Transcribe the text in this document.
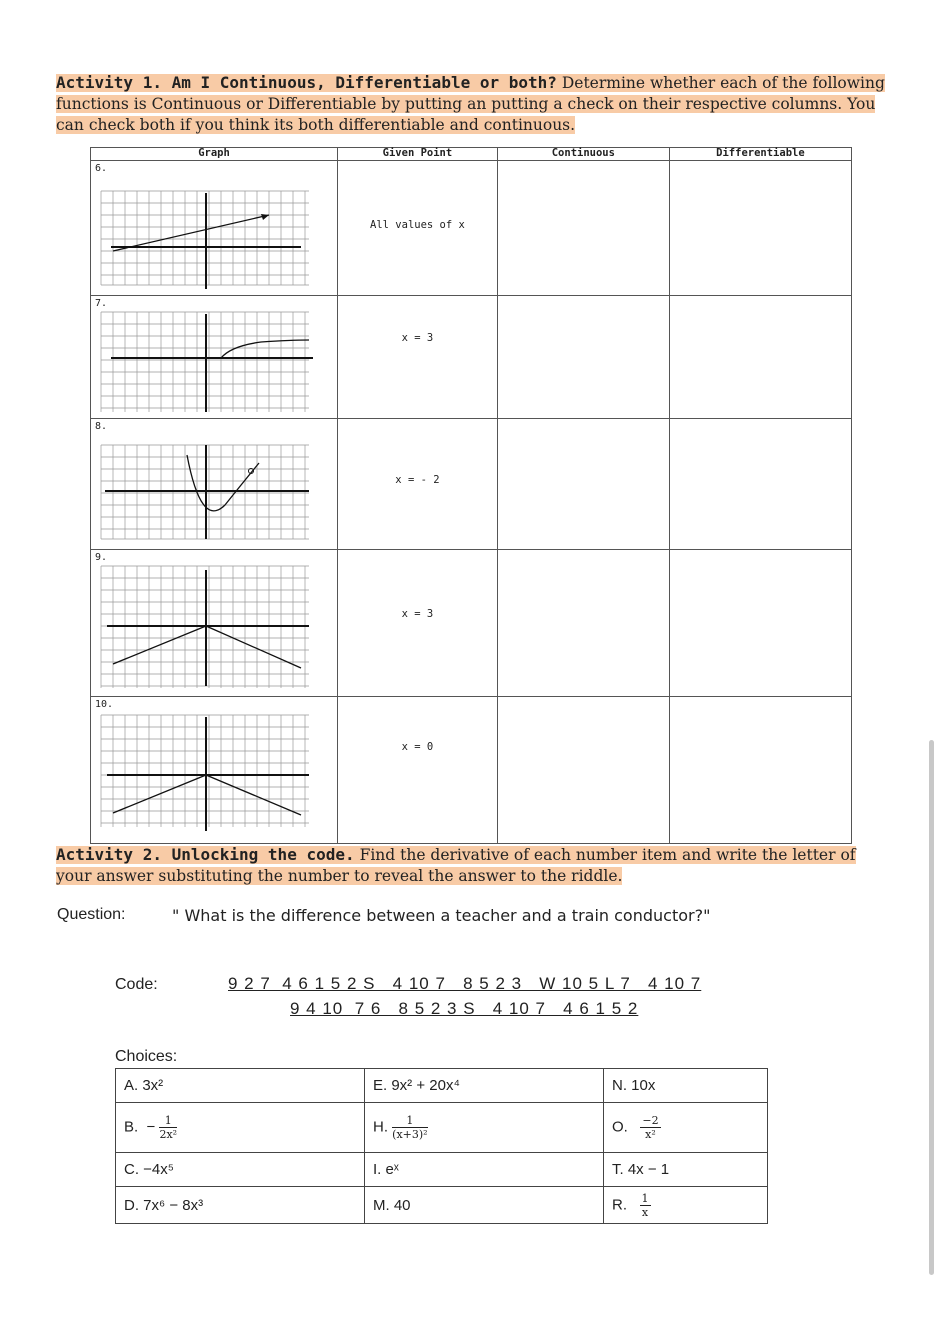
Activity 1. Am I Continuous, Differentiable or both? Determine whether each of the following functions is Continuous or Differentiable by putting an putting a check on their respective columns. You can check both if you think its both differentiable and continuous.
Graph	Given Point	Continuous	Differentiable

6.	All values of x		

7.	x = 3		

8.	x = - 2		

9.	x = 3		

10.	x = 0		

Activity 2. Unlocking the code. Find the derivative of each number item and write the letter of your answer substituting the number to reveal the answer to the riddle.
Question:	" What is the difference between a teacher and a train conductor?"
Code:	9 2 7  4 6 1 5 2 S   4 10 7   8 5 2 3   W 10 5 L 7   4 10 7
9 4 10  7 6   8 5 2 3 S   4 10 7   4 6 1 5 2
Choices:
A. 3x²	E. 9x² + 20x⁴	N. 10x
B.  − $\frac{1}{\text{2x²}}$	H. $\frac{1}{\text{(x+3)²}}$	O. $\frac{-2}{\text{x²}}$

C. −4x⁵	I. eˣ	T. 4x − 1
D. 7x⁶ − 8x³	M. 40	R. $\frac{1}{x}$
